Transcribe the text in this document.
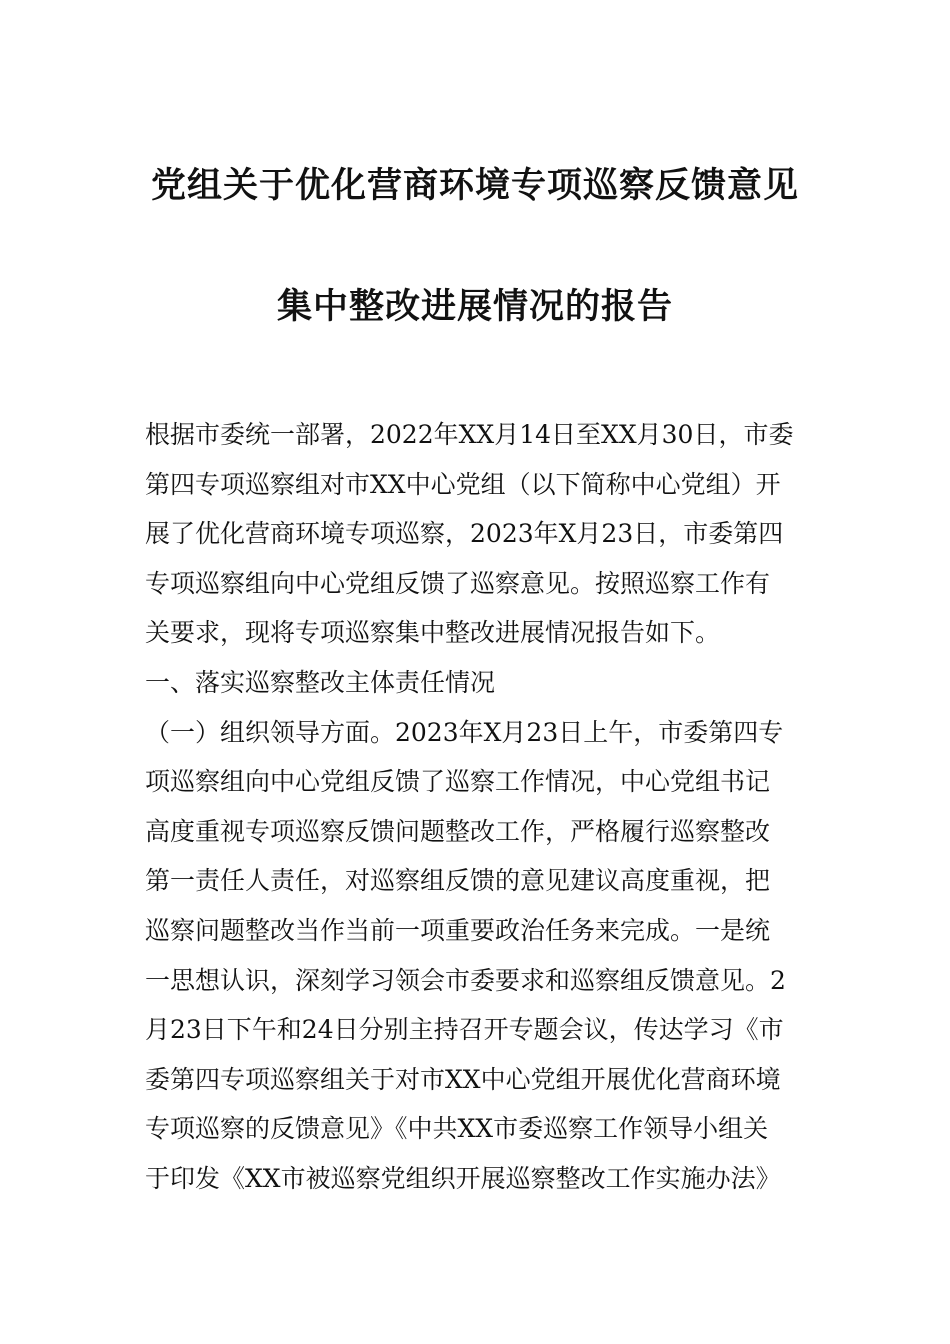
党组关于优化营商环境专项巡察反馈意见
集中整改进展情况的报告
根据市委统一部署，2022年XX月14日至XX月30日，市委
第四专项巡察组对市XX中心党组（以下简称中心党组）开
展了优化营商环境专项巡察，2023年X月23日，市委第四
专项巡察组向中心党组反馈了巡察意见。按照巡察工作有
关要求，现将专项巡察集中整改进展情况报告如下。
一、落实巡察整改主体责任情况
（一）组织领导方面。2023年X月23日上午，市委第四专
项巡察组向中心党组反馈了巡察工作情况，中心党组书记
高度重视专项巡察反馈问题整改工作，严格履行巡察整改
第一责任人责任，对巡察组反馈的意见建议高度重视，把
巡察问题整改当作当前一项重要政治任务来完成。一是统
一思想认识，深刻学习领会市委要求和巡察组反馈意见。2
月23日下午和24日分别主持召开专题会议，传达学习《市
委第四专项巡察组关于对市XX中心党组开展优化营商环境
专项巡察的反馈意见》《中共XX市委巡察工作领导小组关
于印发《XX市被巡察党组织开展巡察整改工作实施办法》
